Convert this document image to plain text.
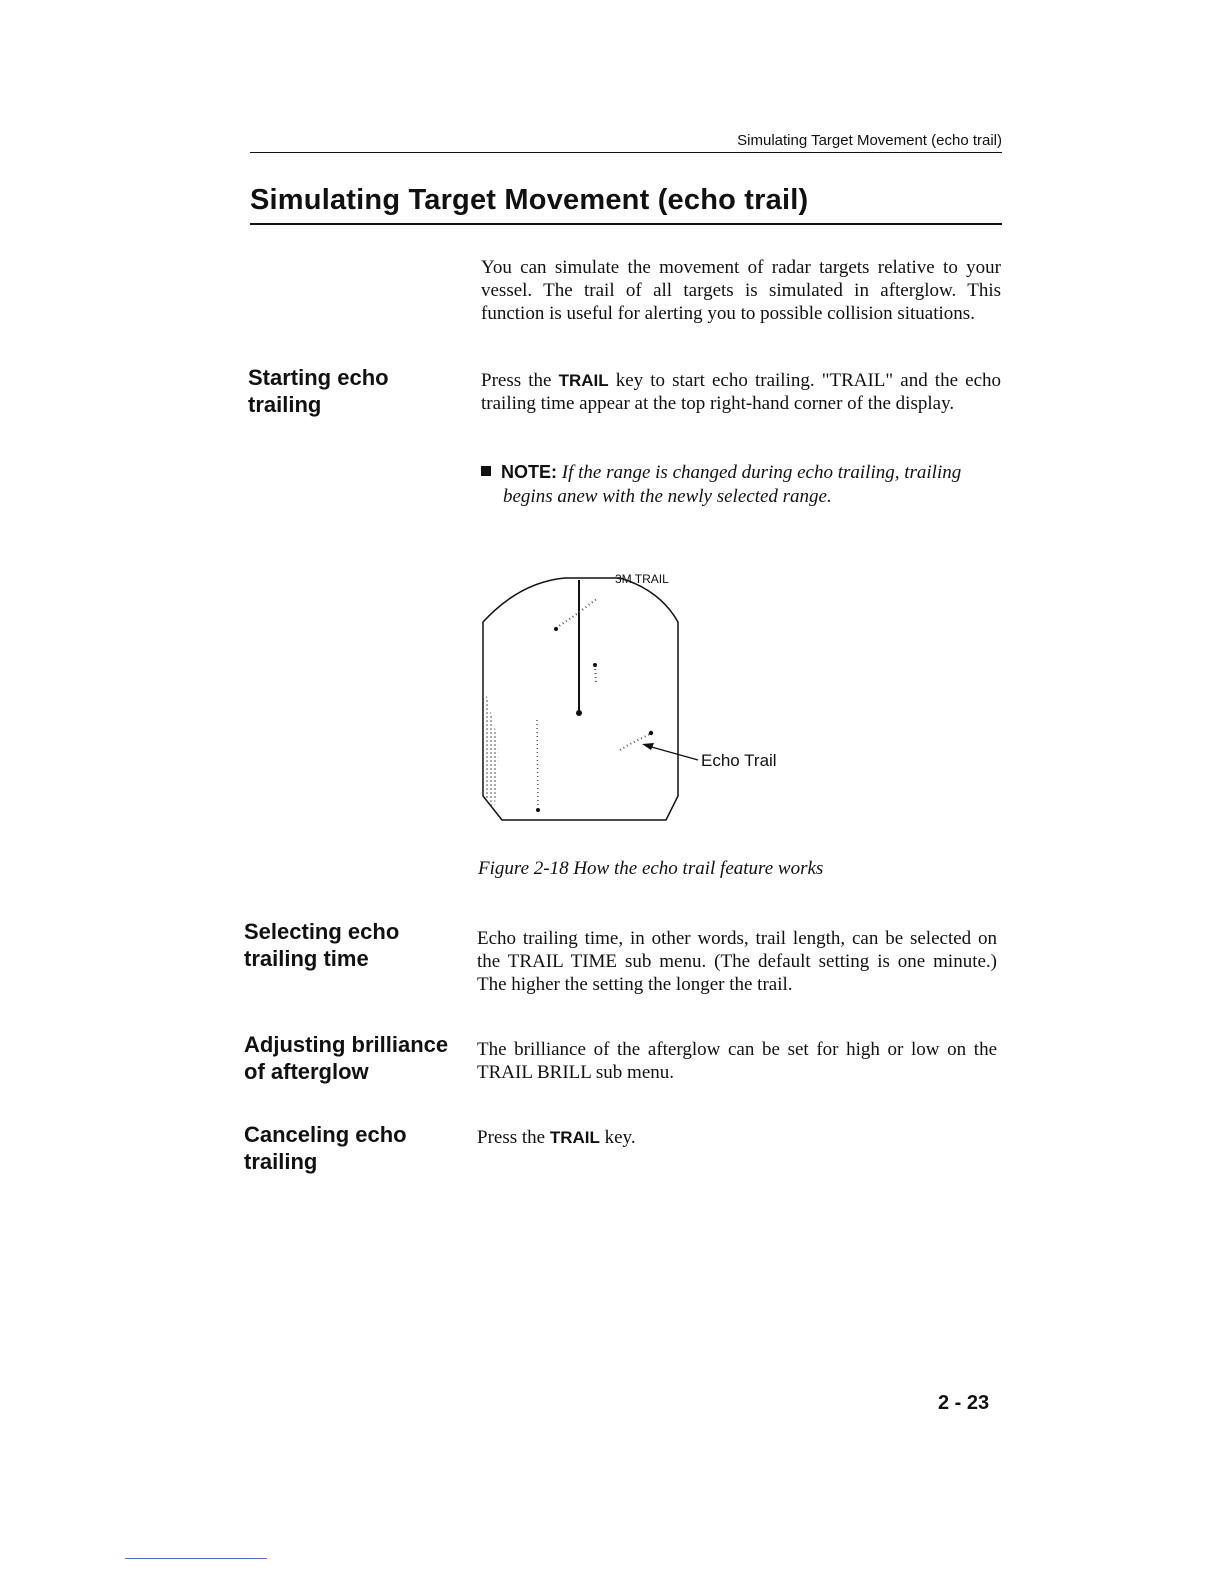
Simulating Target Movement (echo trail)
Simulating Target Movement (echo trail)

You can simulate the movement of radar targets relative to your vessel. The trail of all targets is simulated in afterglow. This function is useful for alerting you to possible collision situations.

Starting echo
trailing

Press the TRAIL key to start echo trailing. "TRAIL" and the echo trailing time appear at the top right-hand corner of the display.

NOTE: If the range is changed during echo trailing, trailing
begins anew with the newly selected range.
3M TRAIL
Echo Trail
Figure 2-18 How the echo trail feature works
Selecting echo
trailing time

Echo trailing time, in other words, trail length, can be selected on the TRAIL TIME sub menu. (The default setting is one minute.) The higher the setting the longer the trail.

Adjusting brilliance
of afterglow

The brilliance of the afterglow can be set for high or low on the TRAIL BRILL sub menu.

Canceling echo
trailing

Press the TRAIL key.

2 - 23
